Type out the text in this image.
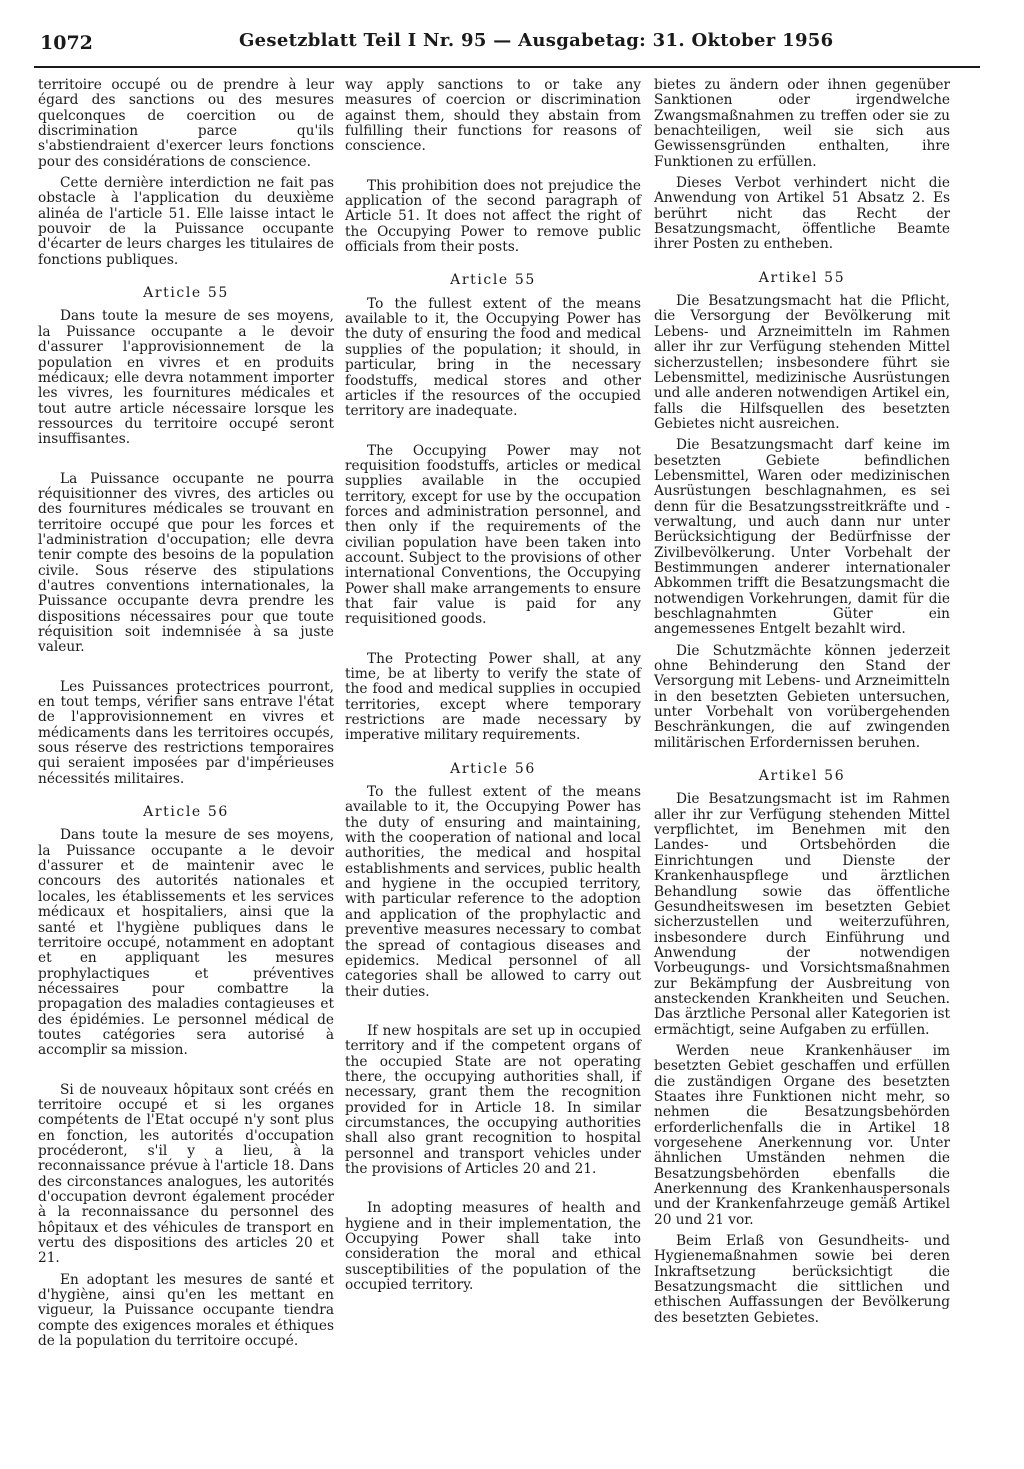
1072	Gesetzblatt Teil I Nr. 95 — Ausgabetag: 31. Oktober 1956

territoire occupé ou de prendre à leur égard des sanctions ou des mesures quelconques de coercition ou de discrimination parce qu'ils s'abstiendraient d'exercer leurs fonctions pour des considérations de conscience.

Cette dernière interdiction ne fait pas obstacle à l'application du deuxième alinéa de l'article 51. Elle laisse intact le pouvoir de la Puissance occupante d'écarter de leurs charges les titulaires de fonctions publiques.

Article 55

Dans toute la mesure de ses moyens, la Puissance occupante a le devoir d'assurer l'approvisionnement de la population en vivres et en produits médicaux; elle devra notamment importer les vivres, les fournitures médicales et tout autre article nécessaire lorsque les ressources du territoire occupé seront insuffisantes.

La Puissance occupante ne pourra réquisitionner des vivres, des articles ou des fournitures médicales se trouvant en territoire occupé que pour les forces et l'administration d'occupation; elle devra tenir compte des besoins de la population civile. Sous réserve des stipulations d'autres conventions internationales, la Puissance occupante devra prendre les dispositions nécessaires pour que toute réquisition soit indemnisée à sa juste valeur.

Les Puissances protectrices pourront, en tout temps, vérifier sans entrave l'état de l'approvisionnement en vivres et médicaments dans les territoires occupés, sous réserve des restrictions temporaires qui seraient imposées par d'impérieuses nécessités militaires.

Article 56

Dans toute la mesure de ses moyens, la Puissance occupante a le devoir d'assurer et de maintenir avec le concours des autorités nationales et locales, les établissements et les services médicaux et hospitaliers, ainsi que la santé et l'hygiène publiques dans le territoire occupé, notamment en adoptant et en appliquant les mesures prophylactiques et préventives nécessaires pour combattre la propagation des maladies contagieuses et des épidémies. Le personnel médical de toutes catégories sera autorisé à accomplir sa mission.

Si de nouveaux hôpitaux sont créés en territoire occupé et si les organes compétents de l'Etat occupé n'y sont plus en fonction, les autorités d'occupation procéderont, s'il y a lieu, à la reconnaissance prévue à l'article 18. Dans des circonstances analogues, les autorités d'occupation devront également procéder à la reconnaissance du personnel des hôpitaux et des véhicules de transport en vertu des dispositions des articles 20 et 21.

En adoptant les mesures de santé et d'hygiène, ainsi qu'en les mettant en vigueur, la Puissance occupante tiendra compte des exigences morales et éthiques de la population du territoire occupé.

way apply sanctions to or take any measures of coercion or discrimination against them, should they abstain from fulfilling their functions for reasons of conscience.

This prohibition does not prejudice the application of the second paragraph of Article 51. It does not affect the right of the Occupying Power to remove public officials from their posts.

Article 55

To the fullest extent of the means available to it, the Occupying Power has the duty of ensuring the food and medical supplies of the population; it should, in particular, bring in the necessary foodstuffs, medical stores and other articles if the resources of the occupied territory are inadequate.

The Occupying Power may not requisition foodstuffs, articles or medical supplies available in the occupied territory, except for use by the occupation forces and administration personnel, and then only if the requirements of the civilian population have been taken into account. Subject to the provisions of other international Conventions, the Occupying Power shall make arrangements to ensure that fair value is paid for any requisitioned goods.

The Protecting Power shall, at any time, be at liberty to verify the state of the food and medical supplies in occupied territories, except where temporary restrictions are made necessary by imperative military requirements.

Article 56

To the fullest extent of the means available to it, the Occupying Power has the duty of ensuring and maintaining, with the cooperation of national and local authorities, the medical and hospital establishments and services, public health and hygiene in the occupied territory, with particular reference to the adoption and application of the prophylactic and preventive measures necessary to combat the spread of contagious diseases and epidemics. Medical personnel of all categories shall be allowed to carry out their duties.

If new hospitals are set up in occupied territory and if the competent organs of the occupied State are not operating there, the occupying authorities shall, if necessary, grant them the recognition provided for in Article 18. In similar circumstances, the occupying authorities shall also grant recognition to hospital personnel and transport vehicles under the provisions of Articles 20 and 21.

In adopting measures of health and hygiene and in their implementation, the Occupying Power shall take into consideration the moral and ethical susceptibilities of the population of the occupied territory.

bietes zu ändern oder ihnen gegenüber Sanktionen oder irgendwelche Zwangsmaßnahmen zu treffen oder sie zu benachteiligen, weil sie sich aus Gewissensgründen enthalten, ihre Funktionen zu erfüllen.

Dieses Verbot verhindert nicht die Anwendung von Artikel 51 Absatz 2. Es berührt nicht das Recht der Besatzungsmacht, öffentliche Beamte ihrer Posten zu entheben.

Artikel 55

Die Besatzungsmacht hat die Pflicht, die Versorgung der Bevölkerung mit Lebens- und Arzneimitteln im Rahmen aller ihr zur Verfügung stehenden Mittel sicherzustellen; insbesondere führt sie Lebensmittel, medizinische Ausrüstungen und alle anderen notwendigen Artikel ein, falls die Hilfsquellen des besetzten Gebietes nicht ausreichen.

Die Besatzungsmacht darf keine im besetzten Gebiete befindlichen Lebensmittel, Waren oder medizinischen Ausrüstungen beschlagnahmen, es sei denn für die Besatzungsstreitkräfte und -verwaltung, und auch dann nur unter Berücksichtigung der Bedürfnisse der Zivilbevölkerung. Unter Vorbehalt der Bestimmungen anderer internationaler Abkommen trifft die Besatzungsmacht die notwendigen Vorkehrungen, damit für die beschlagnahmten Güter ein angemessenes Entgelt bezahlt wird.

Die Schutzmächte können jederzeit ohne Behinderung den Stand der Versorgung mit Lebens- und Arzneimitteln in den besetzten Gebieten untersuchen, unter Vorbehalt von vorübergehenden Beschränkungen, die auf zwingenden militärischen Erfordernissen beruhen.

Artikel 56

Die Besatzungsmacht ist im Rahmen aller ihr zur Verfügung stehenden Mittel verpflichtet, im Benehmen mit den Landes- und Ortsbehörden die Einrichtungen und Dienste der Krankenhauspflege und ärztlichen Behandlung sowie das öffentliche Gesundheitswesen im besetzten Gebiet sicherzustellen und weiterzuführen, insbesondere durch Einführung und Anwendung der notwendigen Vorbeugungs- und Vorsichtsmaßnahmen zur Bekämpfung der Ausbreitung von ansteckenden Krankheiten und Seuchen. Das ärztliche Personal aller Kategorien ist ermächtigt, seine Aufgaben zu erfüllen.

Werden neue Krankenhäuser im besetzten Gebiet geschaffen und erfüllen die zuständigen Organe des besetzten Staates ihre Funktionen nicht mehr, so nehmen die Besatzungsbehörden erforderlichenfalls die in Artikel 18 vorgesehene Anerkennung vor. Unter ähnlichen Umständen nehmen die Besatzungsbehörden ebenfalls die Anerkennung des Krankenhauspersonals und der Krankenfahrzeuge gemäß Artikel 20 und 21 vor.

Beim Erlaß von Gesundheits- und Hygienemaßnahmen sowie bei deren Inkraftsetzung berücksichtigt die Besatzungsmacht die sittlichen und ethischen Auffassungen der Bevölkerung des besetzten Gebietes.
